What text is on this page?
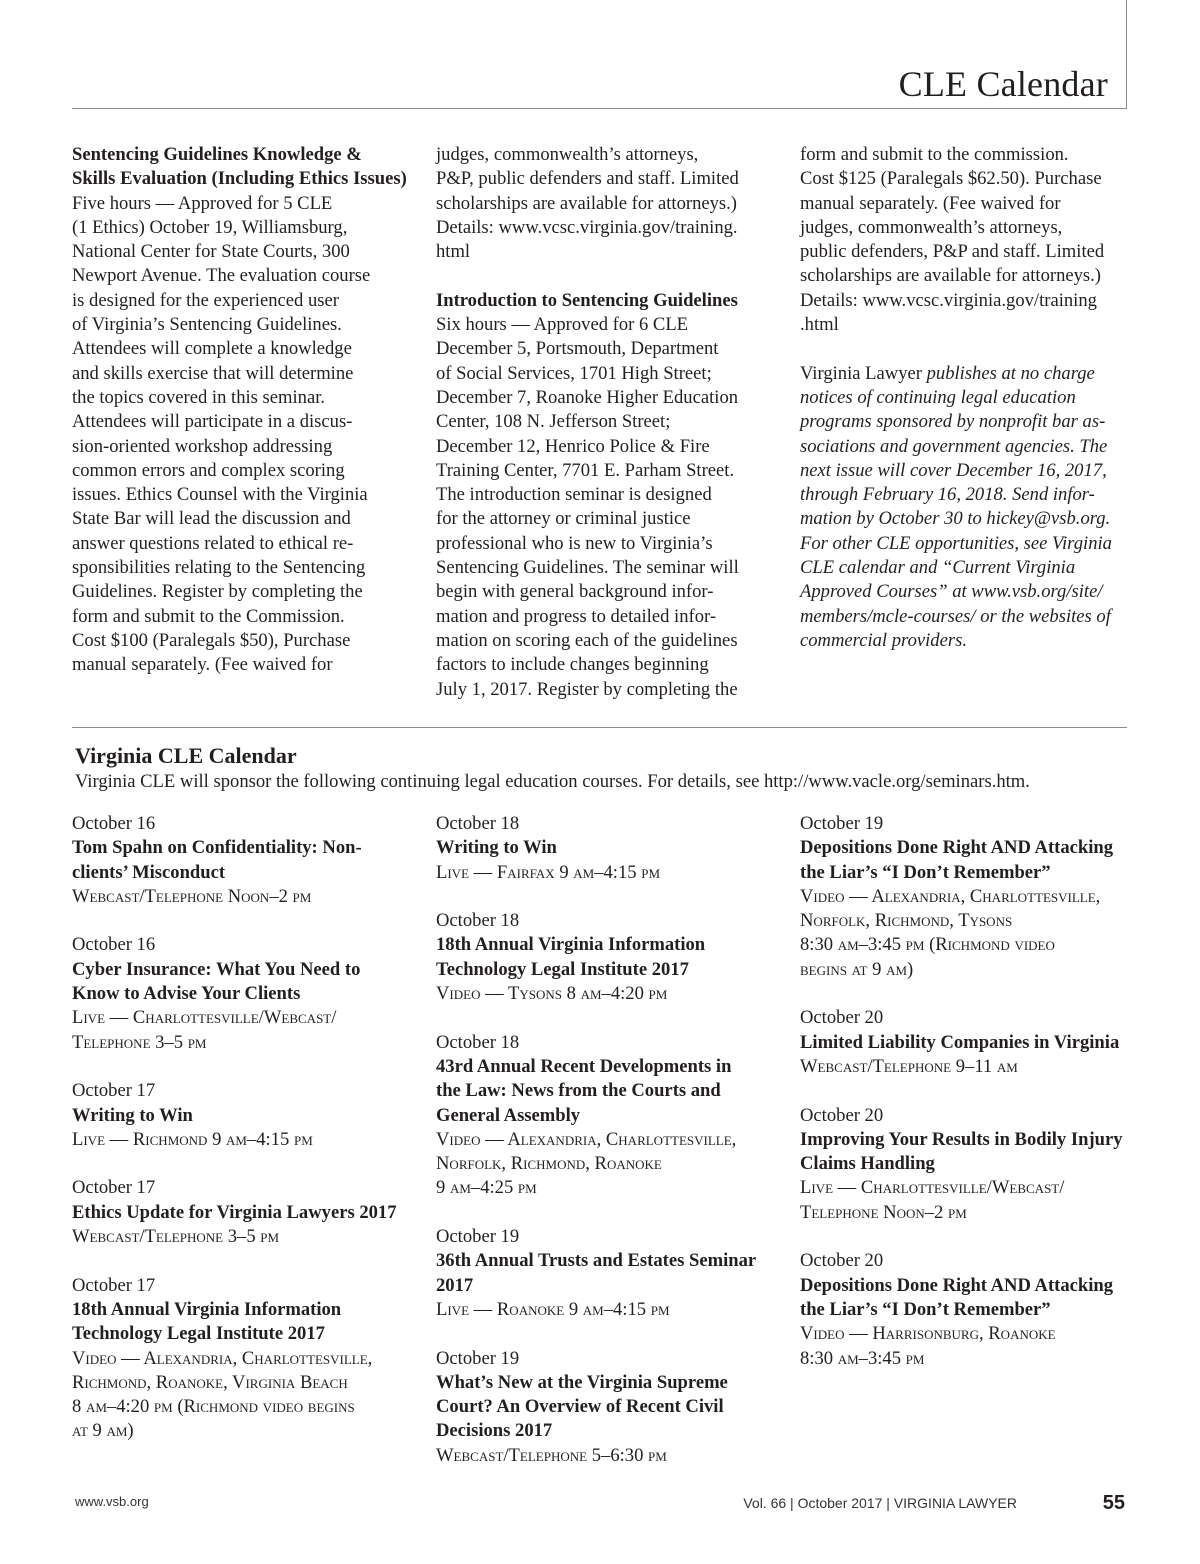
CLE Calendar

Sentencing Guidelines Knowledge & Skills Evaluation (Including Ethics Issues)

Five hours — Approved for 5 CLE

(1 Ethics) October 19, Williamsburg,

National Center for State Courts, 300

Newport Avenue. The evaluation course

is designed for the experienced user

of Virginia’s Sentencing Guidelines.

Attendees will complete a knowledge

and skills exercise that will determine

the topics covered in this seminar.

Attendees will participate in a discus-

sion-oriented workshop addressing

common errors and complex scoring

issues. Ethics Counsel with the Virginia

State Bar will lead the discussion and

answer questions related to ethical re-

sponsibilities relating to the Sentencing

Guidelines. Register by completing the

form and submit to the Commission.

Cost $100 (Paralegals $50), Purchase

manual separately. (Fee waived for

judges, commonwealth’s attorneys,

P&P, public defenders and staff. Limited

scholarships are available for attorneys.)

Details: www.vcsc.virginia.gov/training.

html

Introduction to Sentencing Guidelines

Six hours — Approved for 6 CLE

December 5, Portsmouth, Department

of Social Services, 1701 High Street;

December 7, Roanoke Higher Education

Center, 108 N. Jefferson Street;

December 12, Henrico Police & Fire

Training Center, 7701 E. Parham Street.

The introduction seminar is designed

for the attorney or criminal justice

professional who is new to Virginia’s

Sentencing Guidelines. The seminar will

begin with general background infor-

mation and progress to detailed infor-

mation on scoring each of the guidelines

factors to include changes beginning

July 1, 2017. Register by completing the

form and submit to the commission.

Cost $125 (Paralegals $62.50). Purchase

manual separately. (Fee waived for

judges, commonwealth’s attorneys,

public defenders, P&P and staff. Limited

scholarships are available for attorneys.)

Details: www.vcsc.virginia.gov/training

.html

Virginia Lawyer publishes at no charge

notices of continuing legal education

programs sponsored by nonprofit bar as-

sociations and government agencies. The

next issue will cover December 16, 2017,

through February 16, 2018. Send infor-

mation by October 30 to hickey@vsb.org.

For other CLE opportunities, see Virginia

CLE calendar and “Current Virginia

Approved Courses” at www.vsb.org/site/

members/mcle-courses/ or the websites of

commercial providers.

Virginia CLE Calendar
Virginia CLE will sponsor the following continuing legal education courses. For details, see http://www.vacle.org/seminars.htm.
October 16
Tom Spahn on Confidentiality: Non-
clients’ Misconduct
Webcast/Telephone Noon–2 pm
October 16
Cyber Insurance: What You Need to
Know to Advise Your Clients
Live — Charlottesville/Webcast/
Telephone 3–5 pm
October 17
Writing to Win
Live — Richmond 9 am–4:15 pm
October 17
Ethics Update for Virginia Lawyers 2017
Webcast/Telephone 3–5 pm
October 17
18th Annual Virginia Information
Technology Legal Institute 2017
Video — Alexandria, Charlottesville,
Richmond, Roanoke, Virginia Beach
8 am–4:20 pm (Richmond video begins
at 9 am)
October 18
Writing to Win
Live — Fairfax 9 am–4:15 pm
October 18
18th Annual Virginia Information
Technology Legal Institute 2017
Video — Tysons 8 am–4:20 pm
October 18
43rd Annual Recent Developments in
the Law: News from the Courts and
General Assembly
Video — Alexandria, Charlottesville,
Norfolk, Richmond, Roanoke
9 am–4:25 pm
October 19
36th Annual Trusts and Estates Seminar
2017
Live — Roanoke 9 am–4:15 pm
October 19
What’s New at the Virginia Supreme
Court? An Overview of Recent Civil
Decisions 2017
Webcast/Telephone 5–6:30 pm
October 19
Depositions Done Right AND Attacking
the Liar’s “I Don’t Remember”
Video — Alexandria, Charlottesville,
Norfolk, Richmond, Tysons
8:30 am–3:45 pm (Richmond video
begins at 9 am)
October 20
Limited Liability Companies in Virginia
Webcast/Telephone 9–11 am
October 20
Improving Your Results in Bodily Injury
Claims Handling
Live — Charlottesville/Webcast/
Telephone Noon–2 pm
October 20
Depositions Done Right AND Attacking
the Liar’s “I Don’t Remember”
Video — Harrisonburg, Roanoke
8:30 am–3:45 pm
www.vsb.org	Vol. 66 | October 2017 | VIRGINIA LAWYER	55
